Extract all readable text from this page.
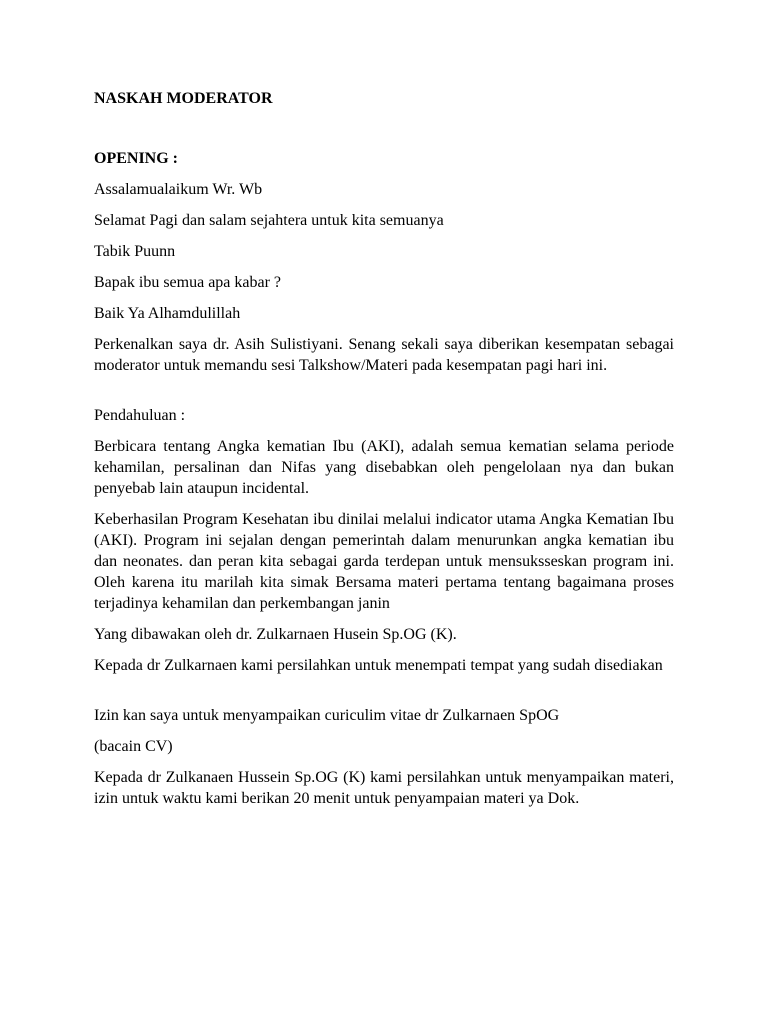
NASKAH MODERATOR

OPENING :

Assalamualaikum Wr. Wb

Selamat Pagi dan salam sejahtera untuk kita semuanya

Tabik Puunn

Bapak ibu semua apa kabar ?

Baik Ya Alhamdulillah

Perkenalkan saya dr. Asih Sulistiyani. Senang sekali saya diberikan kesempatan sebagai moderator untuk memandu sesi Talkshow/Materi pada kesempatan pagi hari ini.

Pendahuluan :

Berbicara tentang Angka kematian Ibu (AKI), adalah semua kematian selama periode kehamilan, persalinan dan Nifas yang disebabkan oleh pengelolaan nya dan bukan penyebab lain ataupun incidental.

Keberhasilan Program Kesehatan ibu dinilai melalui indicator utama Angka Kematian Ibu (AKI). Program ini sejalan dengan pemerintah dalam menurunkan angka kematian ibu dan neonates. dan peran kita sebagai garda terdepan untuk mensuksseskan program ini. Oleh karena itu marilah kita simak Bersama materi pertama tentang bagaimana proses terjadinya kehamilan dan perkembangan janin

Yang dibawakan oleh dr. Zulkarnaen Husein Sp.OG (K).

Kepada dr Zulkarnaen kami persilahkan untuk menempati tempat yang sudah disediakan

Izin kan saya untuk menyampaikan curiculim vitae dr Zulkarnaen SpOG

(bacain CV)

Kepada dr Zulkanaen Hussein Sp.OG (K) kami persilahkan untuk menyampaikan materi, izin untuk waktu kami berikan 20 menit untuk penyampaian materi ya Dok.
